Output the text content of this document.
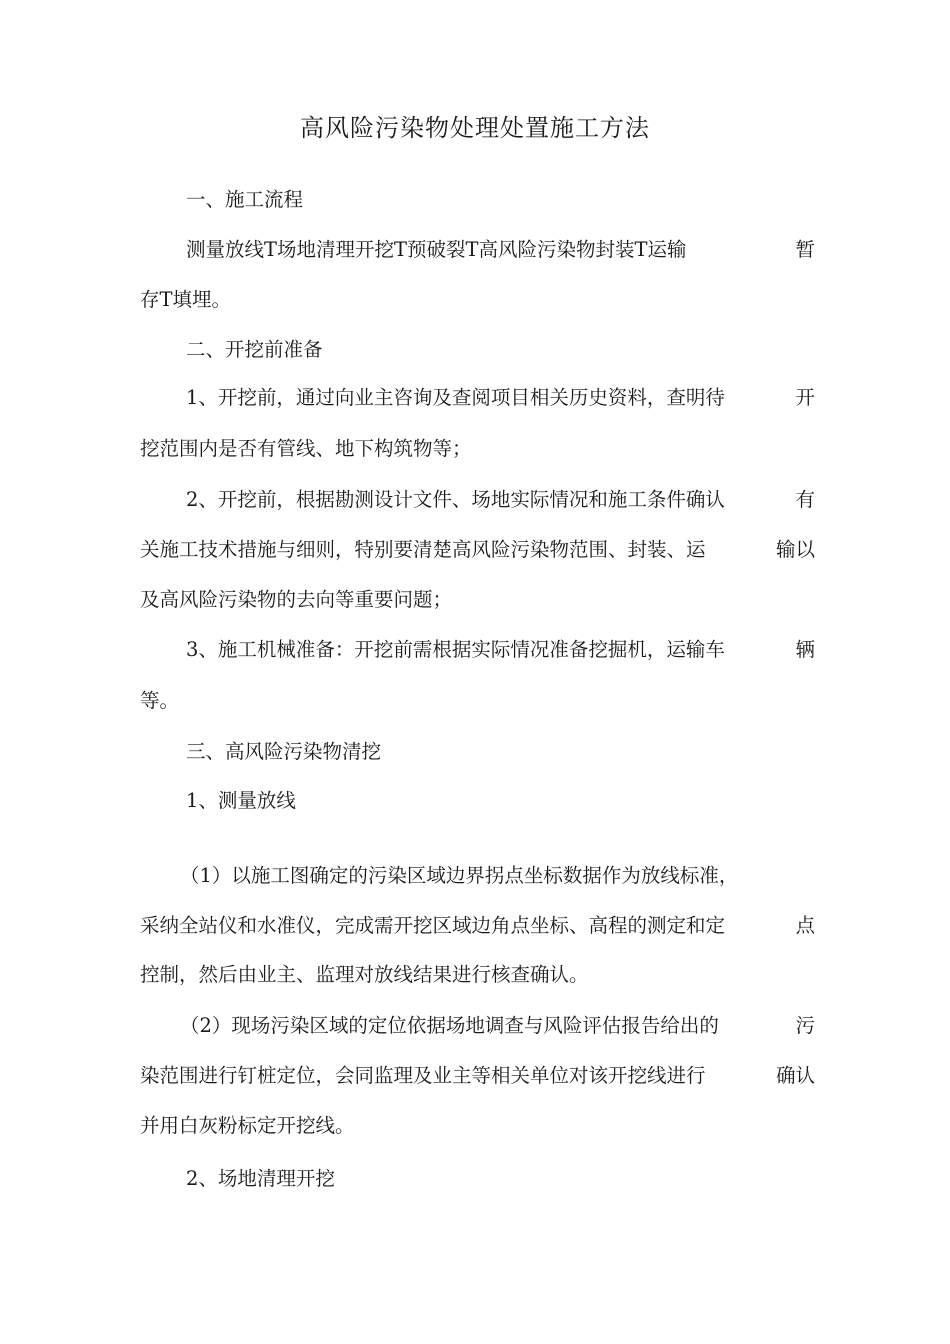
高风险污染物处理处置施工方法
一、施工流程
测量放线T场地清理开挖T预破裂T高风险污染物封装T运输	暂
存T填埋。
二、开挖前准备
1、开挖前，通过向业主咨询及查阅项目相关历史资料，查明待	开
挖范围内是否有管线、地下构筑物等；
2、开挖前，根据勘测设计文件、场地实际情况和施工条件确认	有
关施工技术措施与细则，特别要清楚高风险污染物范围、封装、运	输以
及高风险污染物的去向等重要问题；
3、施工机械准备：开挖前需根据实际情况准备挖掘机，运输车	辆
等。
三、高风险污染物清挖
1、测量放线
（1）以施工图确定的污染区域边界拐点坐标数据作为放线标准，
采纳全站仪和水准仪，完成需开挖区域边角点坐标、高程的测定和定	点
控制，然后由业主、监理对放线结果进行核查确认。
（2）现场污染区域的定位依据场地调查与风险评估报告给出的	污
染范围进行钉桩定位，会同监理及业主等相关单位对该开挖线进行	确认
并用白灰粉标定开挖线。
2、场地清理开挖
